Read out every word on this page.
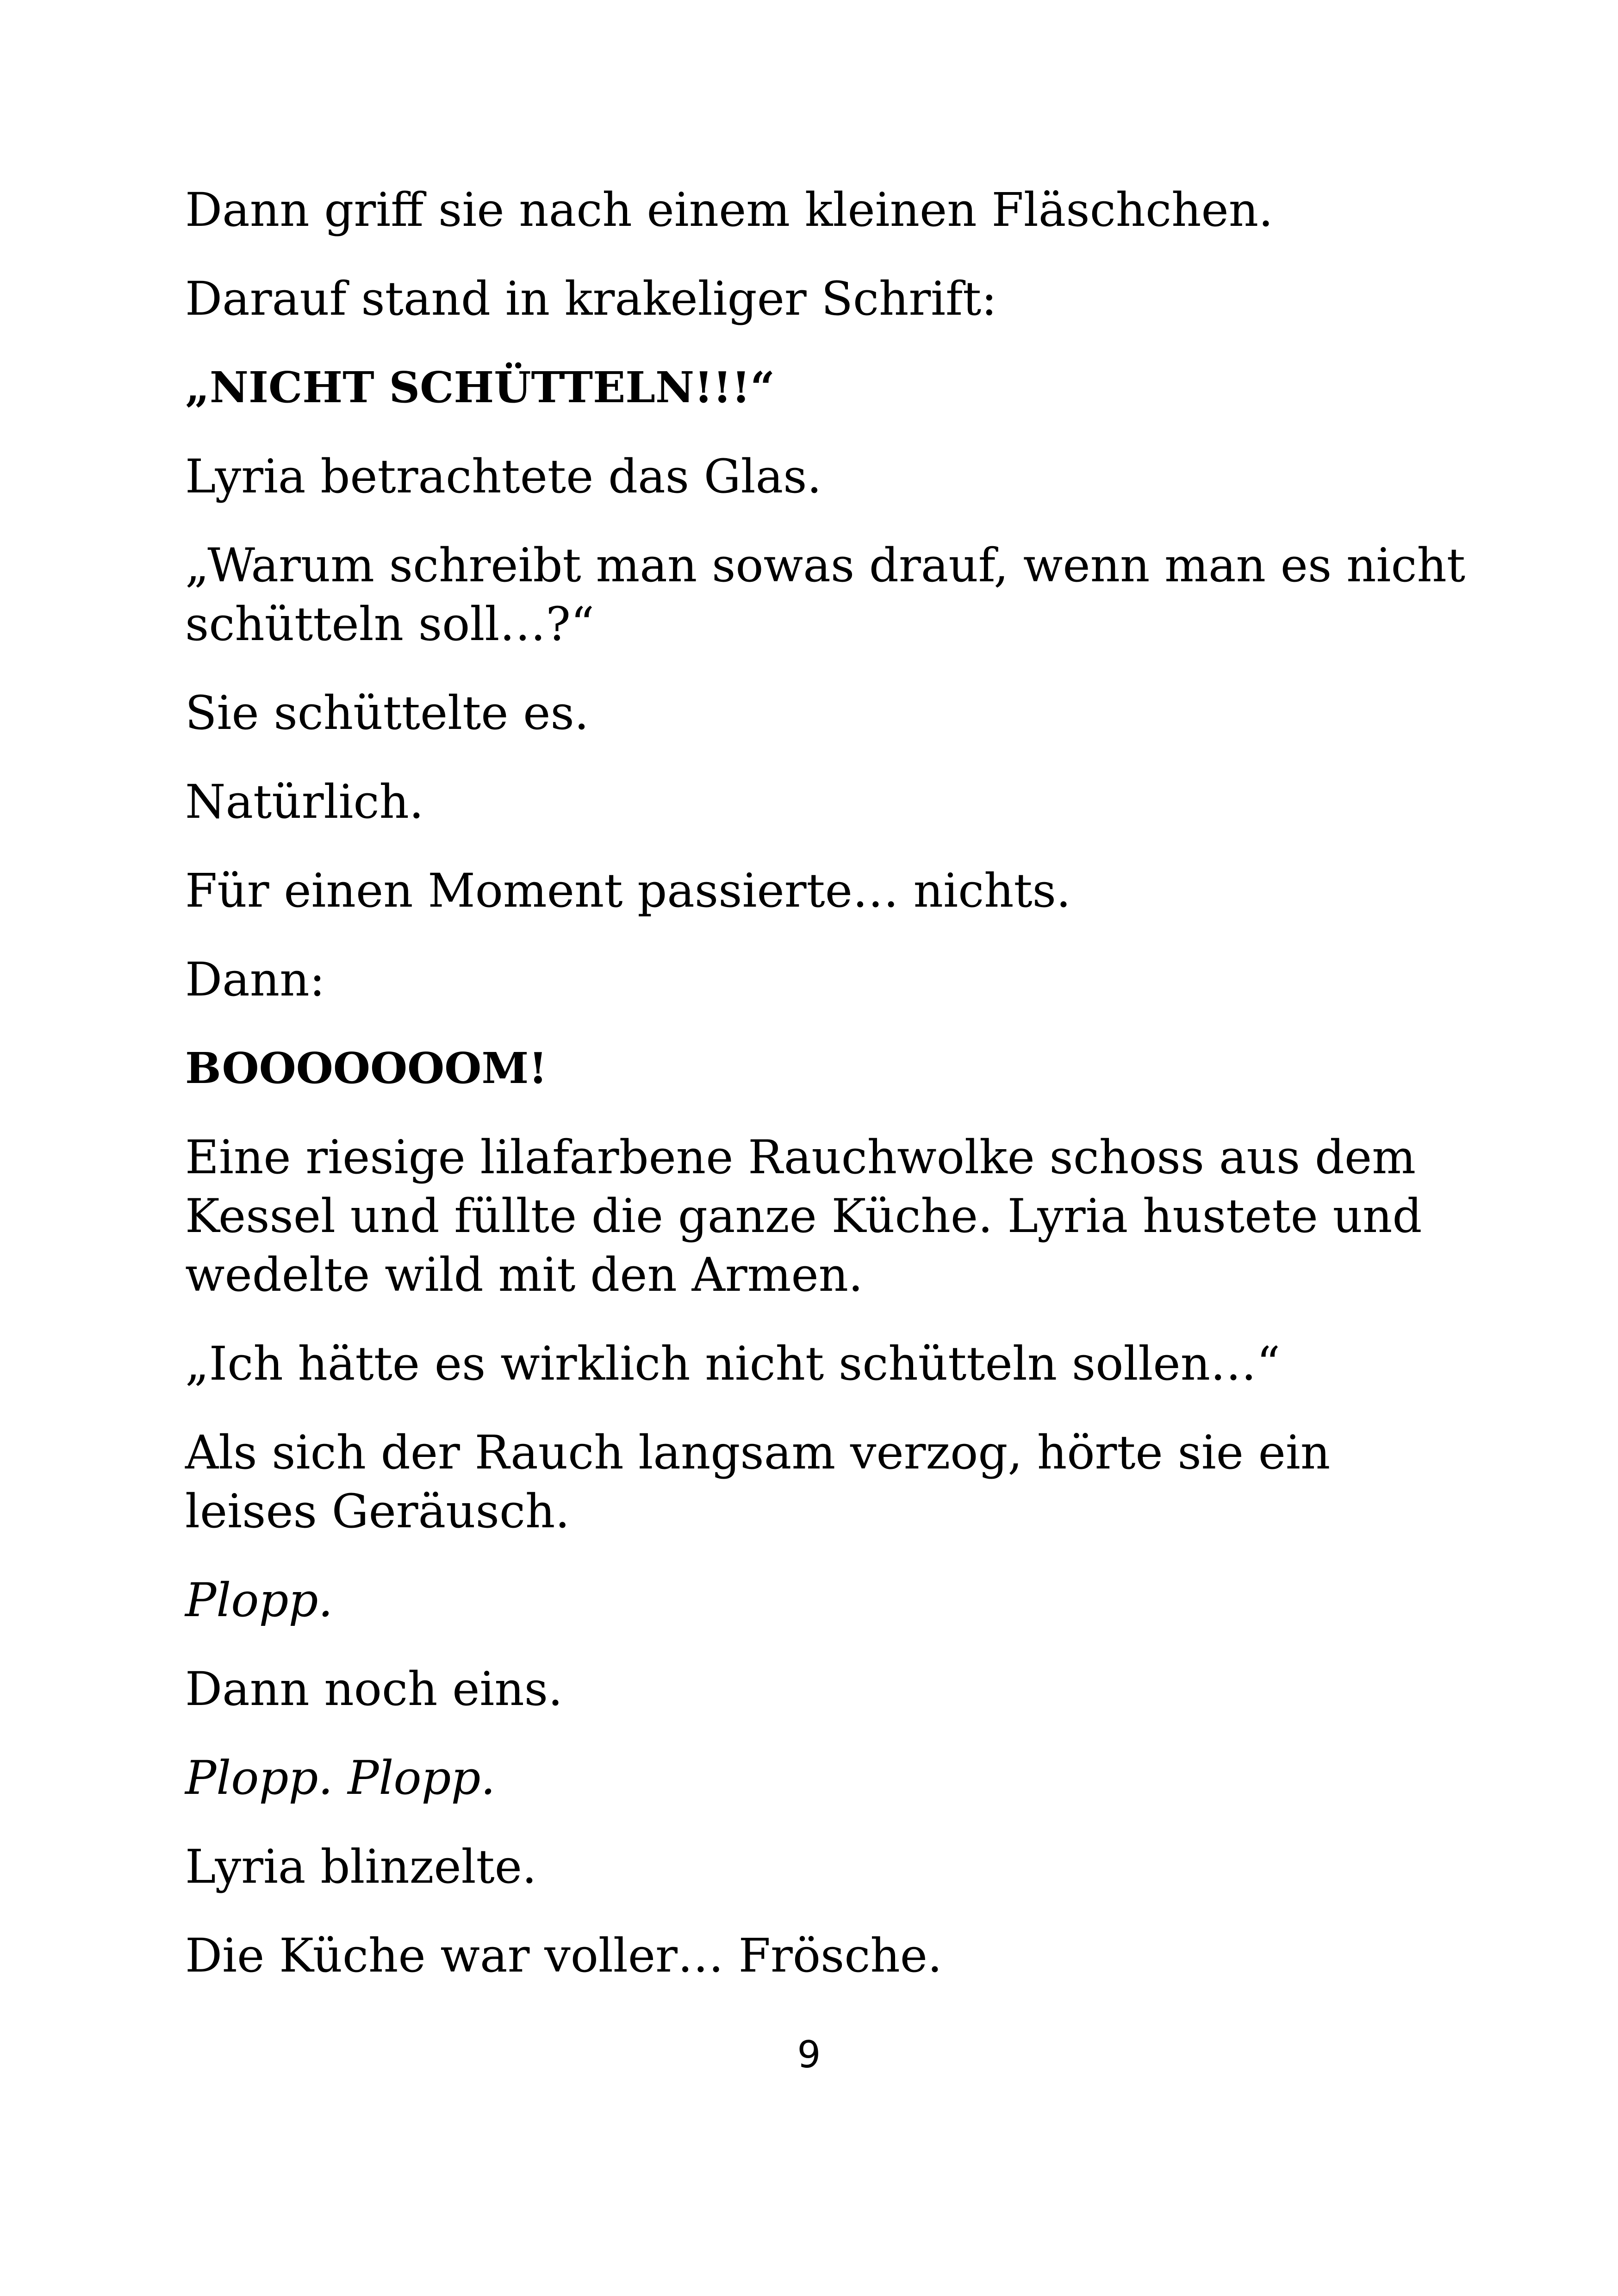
Dann griff sie nach einem kleinen Fläschchen.

Darauf stand in krakeliger Schrift:

„NICHT SCHÜTTELN!!!“

Lyria betrachtete das Glas.

„Warum schreibt man sowas drauf, wenn man es nicht schütteln soll…?“

Sie schüttelte es.

Natürlich.

Für einen Moment passierte… nichts.

Dann:

BOOOOOOOM!

Eine riesige lilafarbene Rauchwolke schoss aus dem Kessel und füllte die ganze Küche. Lyria hustete und wedelte wild mit den Armen.

„Ich hätte es wirklich nicht schütteln sollen…“

Als sich der Rauch langsam verzog, hörte sie ein leises Geräusch.

Plopp.

Dann noch eins.

Plopp. Plopp.

Lyria blinzelte.

Die Küche war voller… Frösche.

9
